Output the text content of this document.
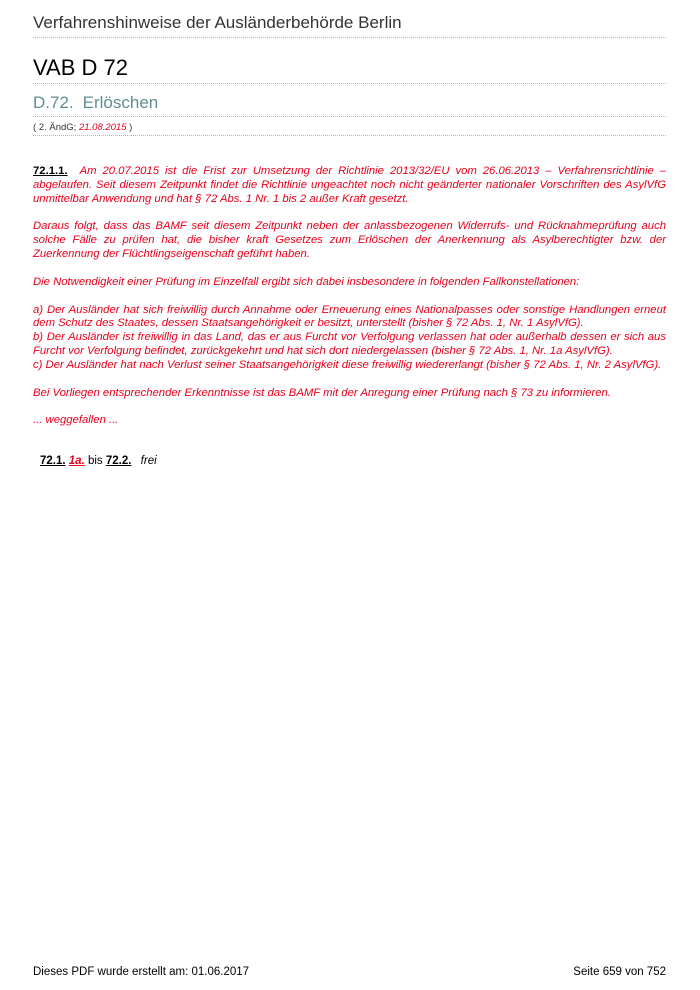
Verfahrenshinweise der Ausländerbehörde Berlin
VAB D 72
D.72. Erlöschen
( 2. ÄndG; 21.08.2015 )

72.1.1. Am 20.07.2015 ist die Frist zur Umsetzung der Richtlinie 2013/32/EU vom 26.06.2013 – Verfahrensrichtlinie – abgelaufen. Seit diesem Zeitpunkt findet die Richtlinie ungeachtet noch nicht geänderter nationaler Vorschriften des AsylVfG unmittelbar Anwendung und hat § 72 Abs. 1 Nr. 1 bis 2 außer Kraft gesetzt.

Daraus folgt, dass das BAMF seit diesem Zeitpunkt neben der anlassbezogenen Widerrufs- und Rücknahmeprüfung auch solche Fälle zu prüfen hat, die bisher kraft Gesetzes zum Erlöschen der Anerkennung als Asylberechtigter bzw. der Zuerkennung der Flüchtlingseigenschaft geführt haben.

Die Notwendigkeit einer Prüfung im Einzelfall ergibt sich dabei insbesondere in folgenden Fallkonstellationen:

a) Der Ausländer hat sich freiwillig durch Annahme oder Erneuerung eines Nationalpasses oder sonstige Handlungen erneut dem Schutz des Staates, dessen Staatsangehörigkeit er besitzt, unterstellt (bisher § 72 Abs. 1, Nr. 1 AsylVfG).

b) Der Ausländer ist freiwillig in das Land, das er aus Furcht vor Verfolgung verlassen hat oder außerhalb dessen er sich aus Furcht vor Verfolgung befindet, zurückgekehrt und hat sich dort niedergelassen (bisher § 72 Abs. 1, Nr. 1a AsylVfG).

c) Der Ausländer hat nach Verlust seiner Staatsangehörigkeit diese freiwillig wiedererlangt (bisher § 72 Abs. 1, Nr. 2 AsylVfG).

Bei Vorliegen entsprechender Erkenntnisse ist das BAMF mit der Anregung einer Prüfung nach § 73 zu informieren.

... weggefallen ...

72.1. 1a. bis 72.2. frei
Dieses PDF wurde erstellt am: 01.06.2017	Seite 659 von 752
